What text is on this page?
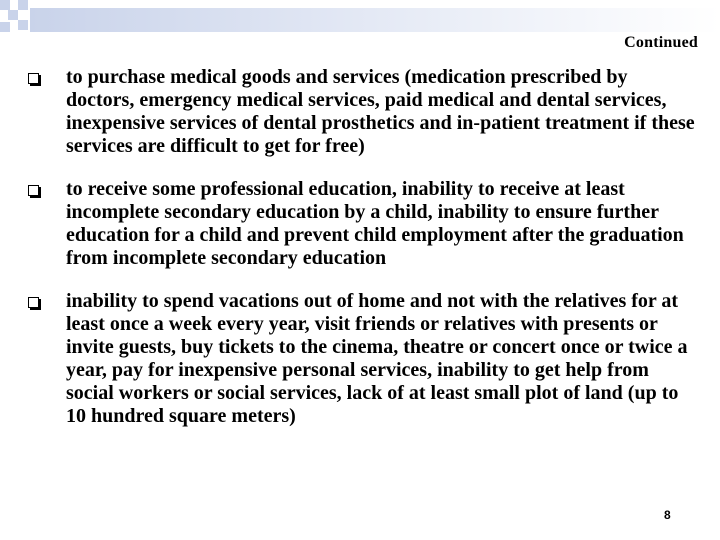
Continued
to purchase medical goods and services (medication prescribed by doctors, emergency medical services, paid medical and dental services, inexpensive services of dental prosthetics and in-patient treatment if these services are difficult to get for free)
to receive some professional education, inability to receive at least incomplete secondary education by a child, inability to ensure further education for a child and prevent child employment after the graduation from incomplete secondary education
inability to spend vacations out of home and not with the relatives for at least once a week every year, visit friends or relatives with presents or invite guests, buy tickets to the cinema, theatre or concert once or twice a year, pay for inexpensive personal services, inability to get help from social workers or social services, lack of at least small plot of land (up to 10 hundred square meters)
8
